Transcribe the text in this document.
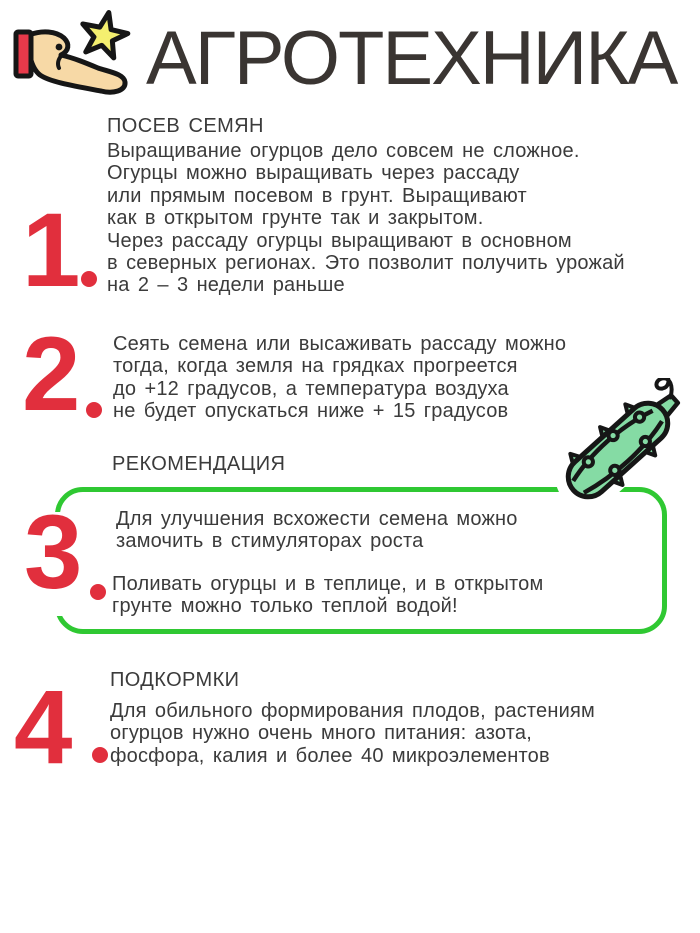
АГРОТЕХНИКА
1
ПОСЕВ СЕМЯН
Выращивание огурцов дело совсем не сложное.
Огурцы можно выращивать через рассаду
или прямым посевом в грунт. Выращивают
как в открытом грунте так и закрытом.
Через рассаду огурцы выращивают в основном
в северных регионах. Это позволит получить урожай
на 2 – 3 недели раньше
2 Сеять семена или высаживать рассаду можно
тогда, когда земля на грядках прогреется
до +12 градусов, а температура воздуха
не будет опускаться ниже + 15 градусов
РЕКОМЕНДАЦИЯ
Для улучшения всхожести семена можно
замочить в стимуляторах роста
Поливать огурцы и в теплице, и в открытом
грунте можно только теплой водой!
3
4 ПОДКОРМКИ
Для обильного формирования плодов, растениям
огурцов нужно очень много питания: азота,
фосфора, калия и более 40 микроэлементов
